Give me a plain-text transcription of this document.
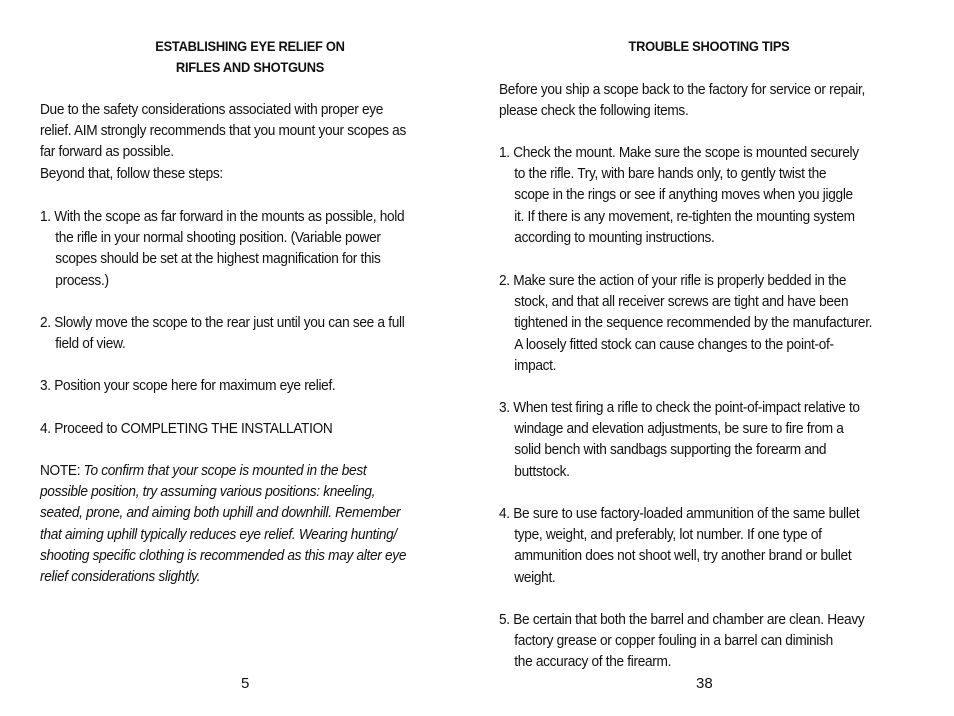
ESTABLISHING EYE RELIEF ON
RIFLES AND SHOTGUNS
Due to the safety considerations associated with proper eye
relief. AIM strongly recommends that you mount your scopes as
far forward as possible.
Beyond that, follow these steps:
1. With the scope as far forward in the mounts as possible, hold
the rifle in your normal shooting position. (Variable power
scopes should be set at the highest magnification for this
process.)
2. Slowly move the scope to the rear just until you can see a full
field of view.
3. Position your scope here for maximum eye relief.
4. Proceed to COMPLETING THE INSTALLATION
NOTE: To confirm that your scope is mounted in the best
possible position, try assuming various positions: kneeling,
seated, prone, and aiming both uphill and downhill. Remember
that aiming uphill typically reduces eye relief. Wearing hunting/
shooting specific clothing is recommended as this may alter eye
relief considerations slightly.
5
TROUBLE SHOOTING TIPS
Before you ship a scope back to the factory for service or repair,
please check the following items.
1. Check the mount. Make sure the scope is mounted securely
to the rifle. Try, with bare hands only, to gently twist the
scope in the rings or see if anything moves when you jiggle
it. If there is any movement, re-tighten the mounting system
according to mounting instructions.
2. Make sure the action of your rifle is properly bedded in the
stock, and that all receiver screws are tight and have been
tightened in the sequence recommended by the manufacturer.
A loosely fitted stock can cause changes to the point-of-
impact.
3. When test firing a rifle to check the point-of-impact relative to
windage and elevation adjustments, be sure to fire from a
solid bench with sandbags supporting the forearm and
buttstock.
4. Be sure to use factory-loaded ammunition of the same bullet
type, weight, and preferably, lot number. If one type of
ammunition does not shoot well, try another brand or bullet
weight.
5. Be certain that both the barrel and chamber are clean. Heavy
factory grease or copper fouling in a barrel can diminish
the accuracy of the firearm.
38
